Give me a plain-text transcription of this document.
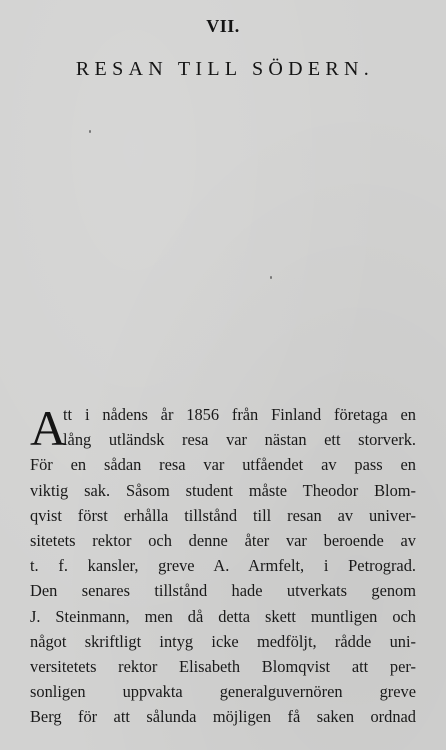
VII.
RESAN TILL SÖDERN.
A
tt i nådens år 1856 från Finland företaga en
lång utländsk resa var nästan ett storverk.
För en sådan resa var utfåendet av pass en
viktig sak. Såsom student måste Theodor Blom-
qvist först erhålla tillstånd till resan av univer-
sitetets rektor och denne åter var beroende av
t. f. kansler, greve A. Armfelt, i Petrograd.
Den senares tillstånd hade utverkats genom
J. Steinmann, men då detta skett muntligen och
något skriftligt intyg icke medföljt, rådde uni-
versitetets rektor Elisabeth Blomqvist att per-
sonligen uppvakta generalguvernören greve
Berg för att sålunda möjligen få saken ordnad
